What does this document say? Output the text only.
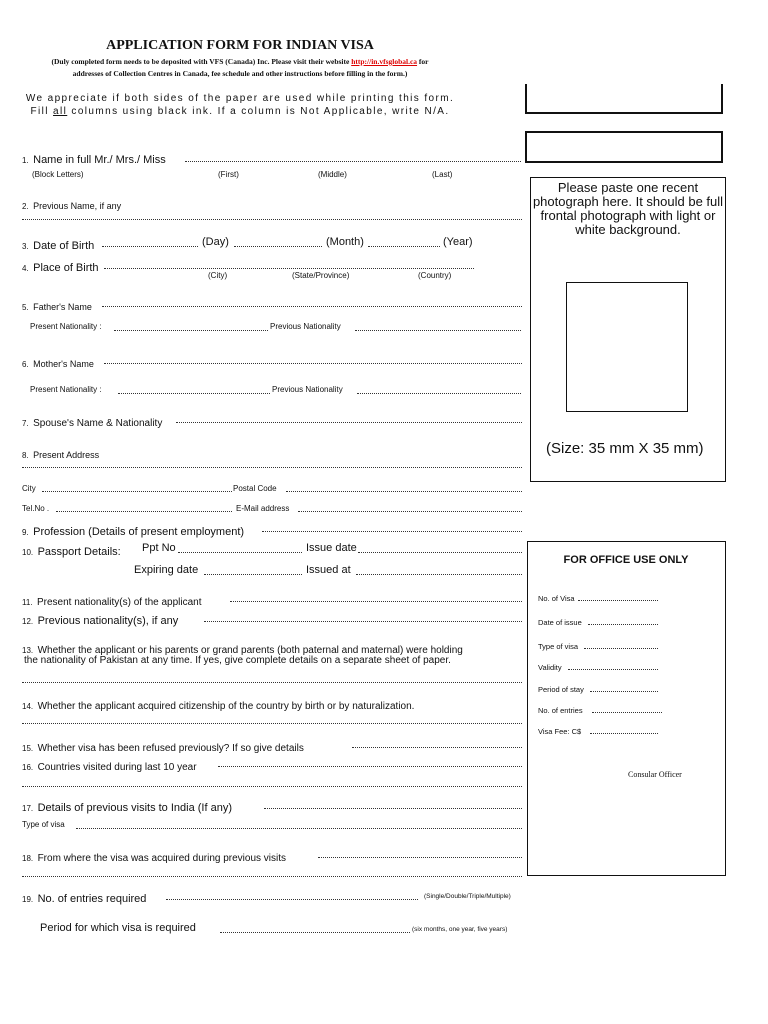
APPLICATION FORM FOR INDIAN VISA
(Duly completed form needs to be deposited with VFS (Canada) Inc. Please visit their website http://in.vfsglobal.ca for
addresses of Collection Centres in Canada, fee schedule and other instructions before filling in the form.)
We appreciate if both sides of the paper are used while printing this form.
Fill all columns using black ink. If a column is Not Applicable, write N/A.
Please paste one recent photograph here. It should be full frontal photograph with light or white background.
(Size: 35 mm X 35 mm)
FOR OFFICE USE ONLY
No. of Visa
Date of issue
Type of visa
Validity
Period of stay
No. of entries
Visa Fee: C$
Consular Officer
1. Name in full Mr./ Mrs./ Miss
(Block Letters)	(First)	(Middle)	(Last)
2. Previous Name, if any
3. Date of Birth	(Day)	(Month)	(Year)
4. Place of Birth
(City)	(State/Province)	(Country)
5. Father's Name
Present Nationality :	Previous Nationality
6. Mother's Name
Present Nationality :	Previous Nationality
7. Spouse's Name & Nationality
8. Present Address
City	Postal Code
Tel.No .	E-Mail address
9. Profession (Details of present employment)
10. Passport Details: Ppt No	Issue date
Expiring date	Issued at
11. Present nationality(s) of the applicant
12. Previous nationality(s), if any
13. Whether the applicant or his parents or grand parents (both paternal and maternal) were holding
the nationality of Pakistan at any time. If yes, give complete details on a separate sheet of paper.
14. Whether the applicant acquired citizenship of the country by birth or by naturalization.
15. Whether visa has been refused previously? If so give details
16. Countries visited during last 10 year
17. Details of previous visits to India (If any)
Type of visa
18. From where the visa was acquired during previous visits
19. No. of entries required	(Single/Double/Triple/Multiple)
Period for which visa is required	(six months, one year, five years)
